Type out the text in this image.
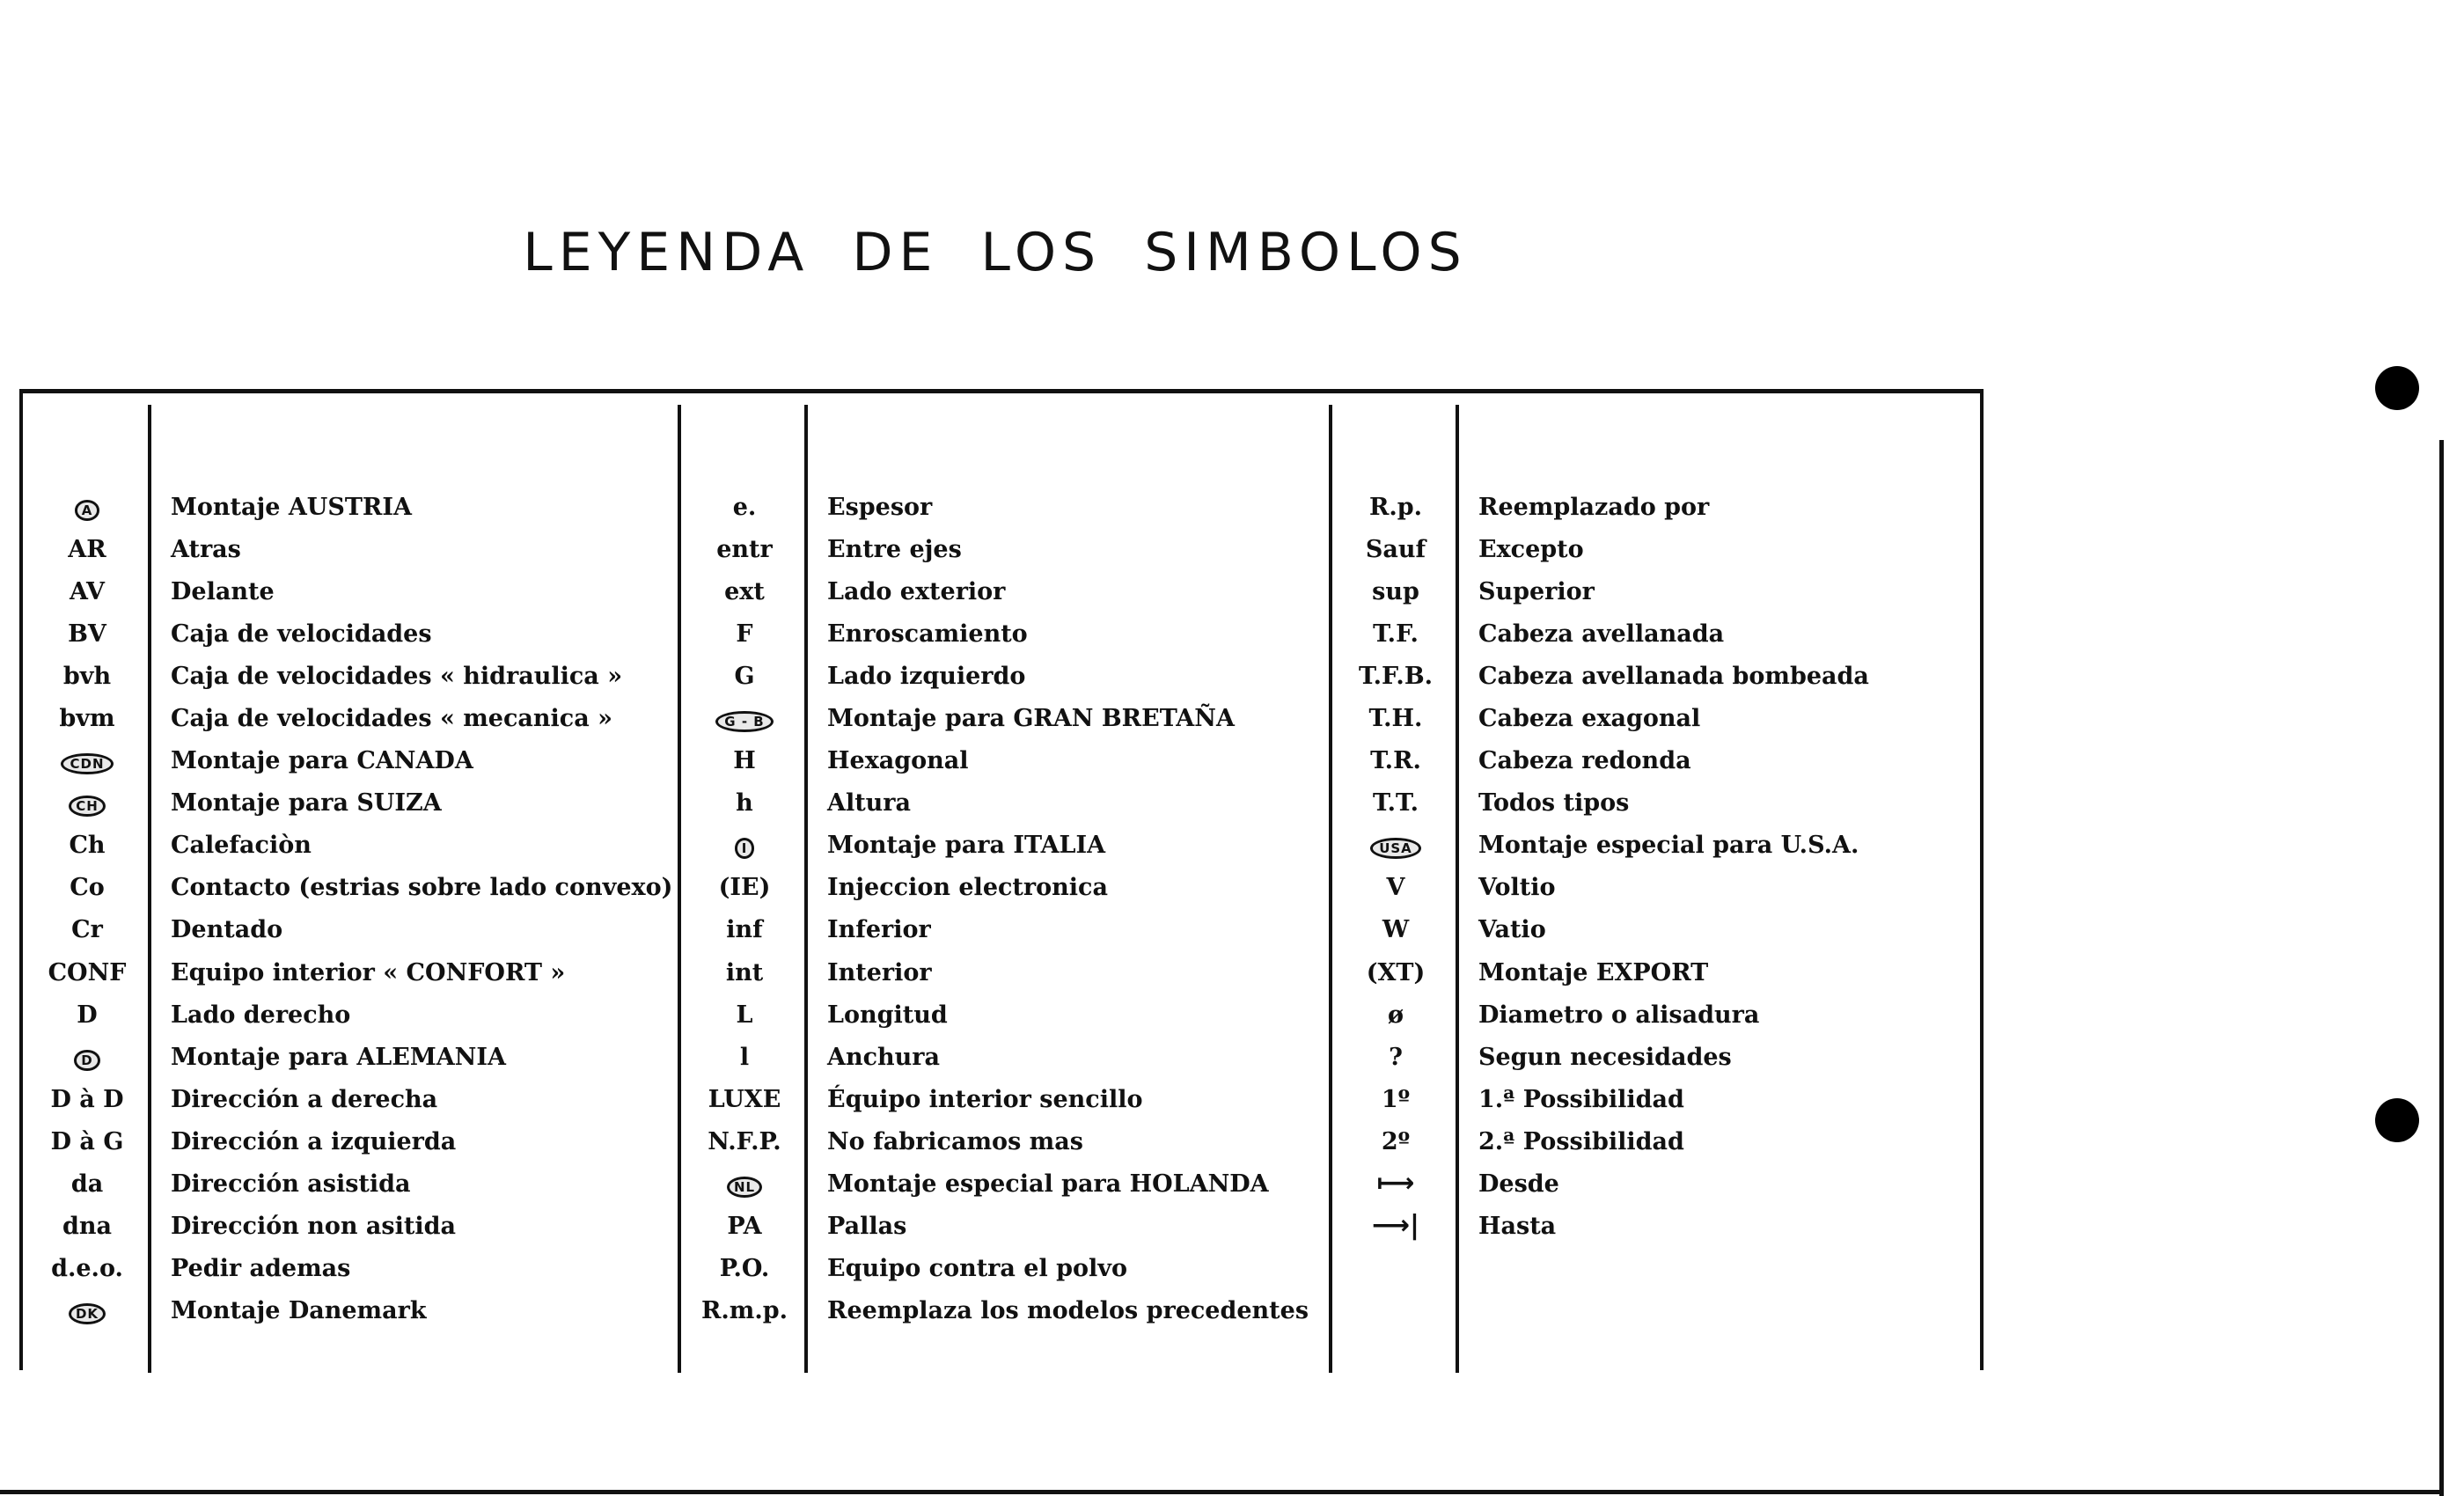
LEYENDA DE LOS SIMBOLOS
A	Montaje AUSTRIA
AR	Atras
AV	Delante
BV	Caja de velocidades
bvh	Caja de velocidades « hidraulica »
bvm	Caja de velocidades « mecanica »
CDN	Montaje para CANADA
CH	Montaje para SUIZA
Ch	Calefaciòn
Co	Contacto (estrias sobre lado convexo)
Cr	Dentado
CONF	Equipo interior « CONFORT »
D	Lado derecho
D	Montaje para ALEMANIA
D à D	Dirección a derecha
D à G	Dirección a izquierda
da	Dirección asistida
dna	Dirección non asitida
d.e.o.	Pedir ademas
DK	Montaje Danemark
e.	Espesor
entr	Entre ejes
ext	Lado exterior
F	Enroscamiento
G	Lado izquierdo
G - B	Montaje para GRAN BRETAÑA
H	Hexagonal
h	Altura
I	Montaje para ITALIA
(IE)	Injeccion electronica
inf	Inferior
int	Interior
L	Longitud
l	Anchura
LUXE	Équipo interior sencillo
N.F.P.	No fabricamos mas
NL	Montaje especial para HOLANDA
PA	Pallas
P.O.	Equipo contra el polvo
R.m.p.	Reemplaza los modelos precedentes
R.p.	Reemplazado por
Sauf	Excepto
sup	Superior
T.F.	Cabeza avellanada
T.F.B.	Cabeza avellanada bombeada
T.H.	Cabeza exagonal
T.R.	Cabeza redonda
T.T.	Todos tipos
USA	Montaje especial para U.S.A.
V	Voltio
W	Vatio
(XT)	Montaje EXPORT
ø	Diametro o alisadura
?	Segun necesidades
1º	1.ª Possibilidad
2º	2.ª Possibilidad
⟼	Desde
⟶|	Hasta
